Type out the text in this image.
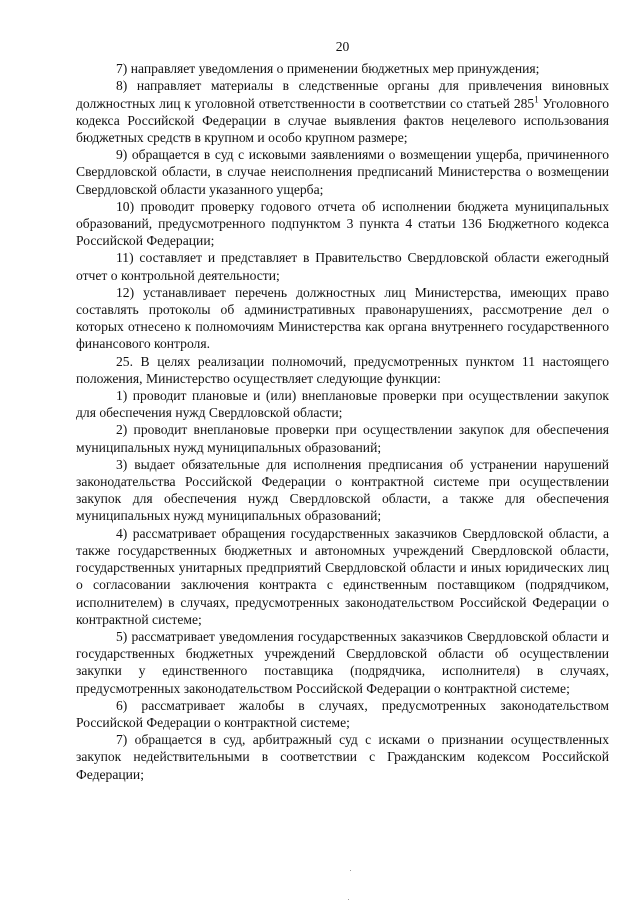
20

7) направляет уведомления о применении бюджетных мер принуждения;

8) направляет материалы в следственные органы для привлечения виновных должностных лиц к уголовной ответственности в соответствии со статьей $285^1$ Уголовного кодекса Российской Федерации в случае выявления фактов нецелевого использования бюджетных средств в крупном и особо крупном размере;

9) обращается в суд с исковыми заявлениями о возмещении ущерба, причиненного Свердловской области, в случае неисполнения предписаний Министерства о возмещении Свердловской области указанного ущерба;

10) проводит проверку годового отчета об исполнении бюджета муниципальных образований, предусмотренного подпунктом 3 пункта 4 статьи 136 Бюджетного кодекса Российской Федерации;

11) составляет и представляет в Правительство Свердловской области ежегодный отчет о контрольной деятельности;

12) устанавливает перечень должностных лиц Министерства, имеющих право составлять протоколы об административных правонарушениях, рассмотрение дел о которых отнесено к полномочиям Министерства как органа внутреннего государственного финансового контроля.

25. В целях реализации полномочий, предусмотренных пунктом 11 настоящего положения, Министерство осуществляет следующие функции:

1) проводит плановые и (или) внеплановые проверки при осуществлении закупок для обеспечения нужд Свердловской области;

2) проводит внеплановые проверки при осуществлении закупок для обеспечения муниципальных нужд муниципальных образований;

3) выдает обязательные для исполнения предписания об устранении нарушений законодательства Российской Федерации о контрактной системе при осуществлении закупок для обеспечения нужд Свердловской области, а также для обеспечения муниципальных нужд муниципальных образований;

4) рассматривает обращения государственных заказчиков Свердловской области, а также государственных бюджетных и автономных учреждений Свердловской области, государственных унитарных предприятий Свердловской области и иных юридических лиц о согласовании заключения контракта с единственным поставщиком (подрядчиком, исполнителем) в случаях, предусмотренных законодательством Российской Федерации о контрактной системе;

5) рассматривает уведомления государственных заказчиков Свердловской области и государственных бюджетных учреждений Свердловской области об осуществлении закупки у единственного поставщика (подрядчика, исполнителя) в случаях, предусмотренных законодательством Российской Федерации о контрактной системе;

6) рассматривает жалобы в случаях, предусмотренных законодательством Российской Федерации о контрактной системе;

7) обращается в суд, арбитражный суд с исками о признании осуществленных закупок недействительными в соответствии с Гражданским кодексом Российской Федерации;
